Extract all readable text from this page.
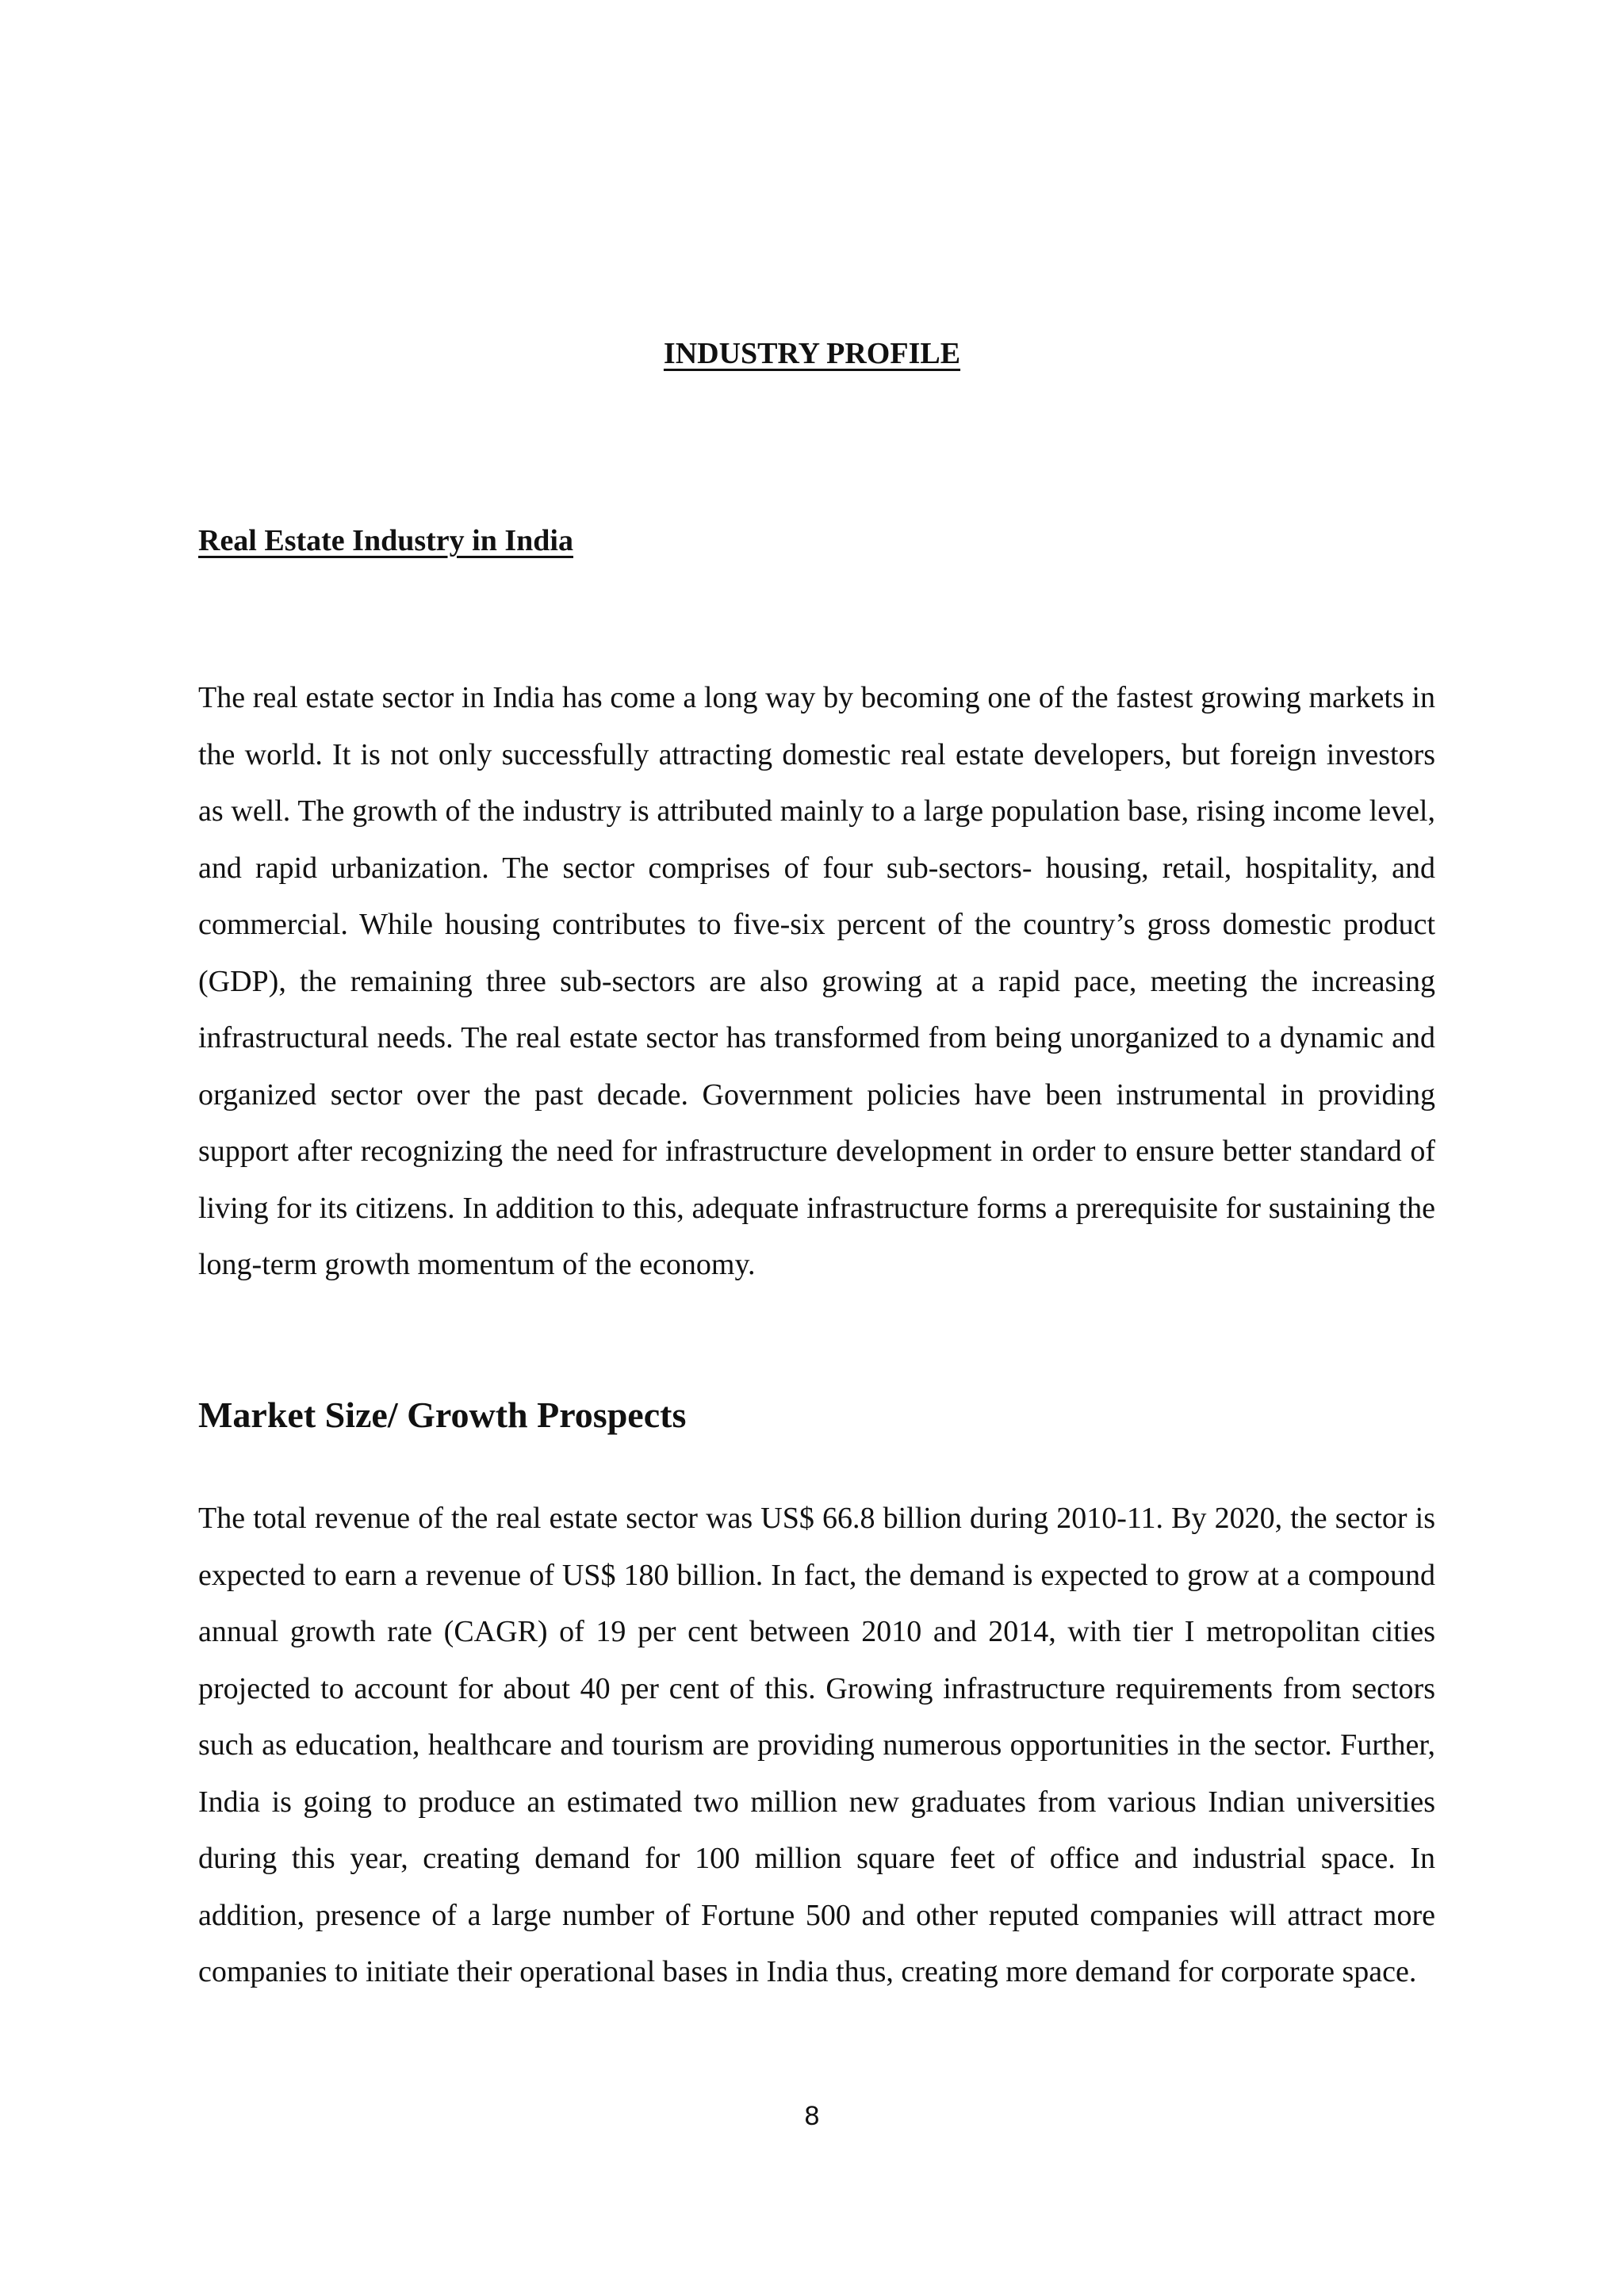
INDUSTRY PROFILE
Real Estate Industry in India

The real estate sector in India has come a long way by becoming one of the fastest growing markets in the world. It is not only successfully attracting domestic real estate developers, but foreign investors as well. The growth of the industry is attributed mainly to a large population base, rising income level, and rapid urbanization. The sector comprises of four sub-sectors- housing, retail, hospitality, and commercial. While housing contributes to five-six percent of the country’s gross domestic product (GDP), the remaining three sub-sectors are also growing at a rapid pace, meeting the increasing infrastructural needs. The real estate sector has transformed from being unorganized to a dynamic and organized sector over the past decade. Government policies have been instrumental in providing support after recognizing the need for infrastructure development in order to ensure better standard of living for its citizens. In addition to this, adequate infrastructure forms a prerequisite for sustaining the long-term growth momentum of the economy.

Market Size/ Growth Prospects

The total revenue of the real estate sector was US$ 66.8 billion during 2010-11. By 2020, the sector is expected to earn a revenue of US$ 180 billion. In fact, the demand is expected to grow at a compound annual growth rate (CAGR) of 19 per cent between 2010 and 2014, with tier I metropolitan cities projected to account for about 40 per cent of this. Growing infrastructure requirements from sectors such as education, healthcare and tourism are providing numerous opportunities in the sector. Further, India is going to produce an estimated two million new graduates from various Indian universities during this year, creating demand for 100 million square feet of office and industrial space. In addition, presence of a large number of Fortune 500 and other reputed companies will attract more companies to initiate their operational bases in India thus, creating more demand for corporate space.

8
